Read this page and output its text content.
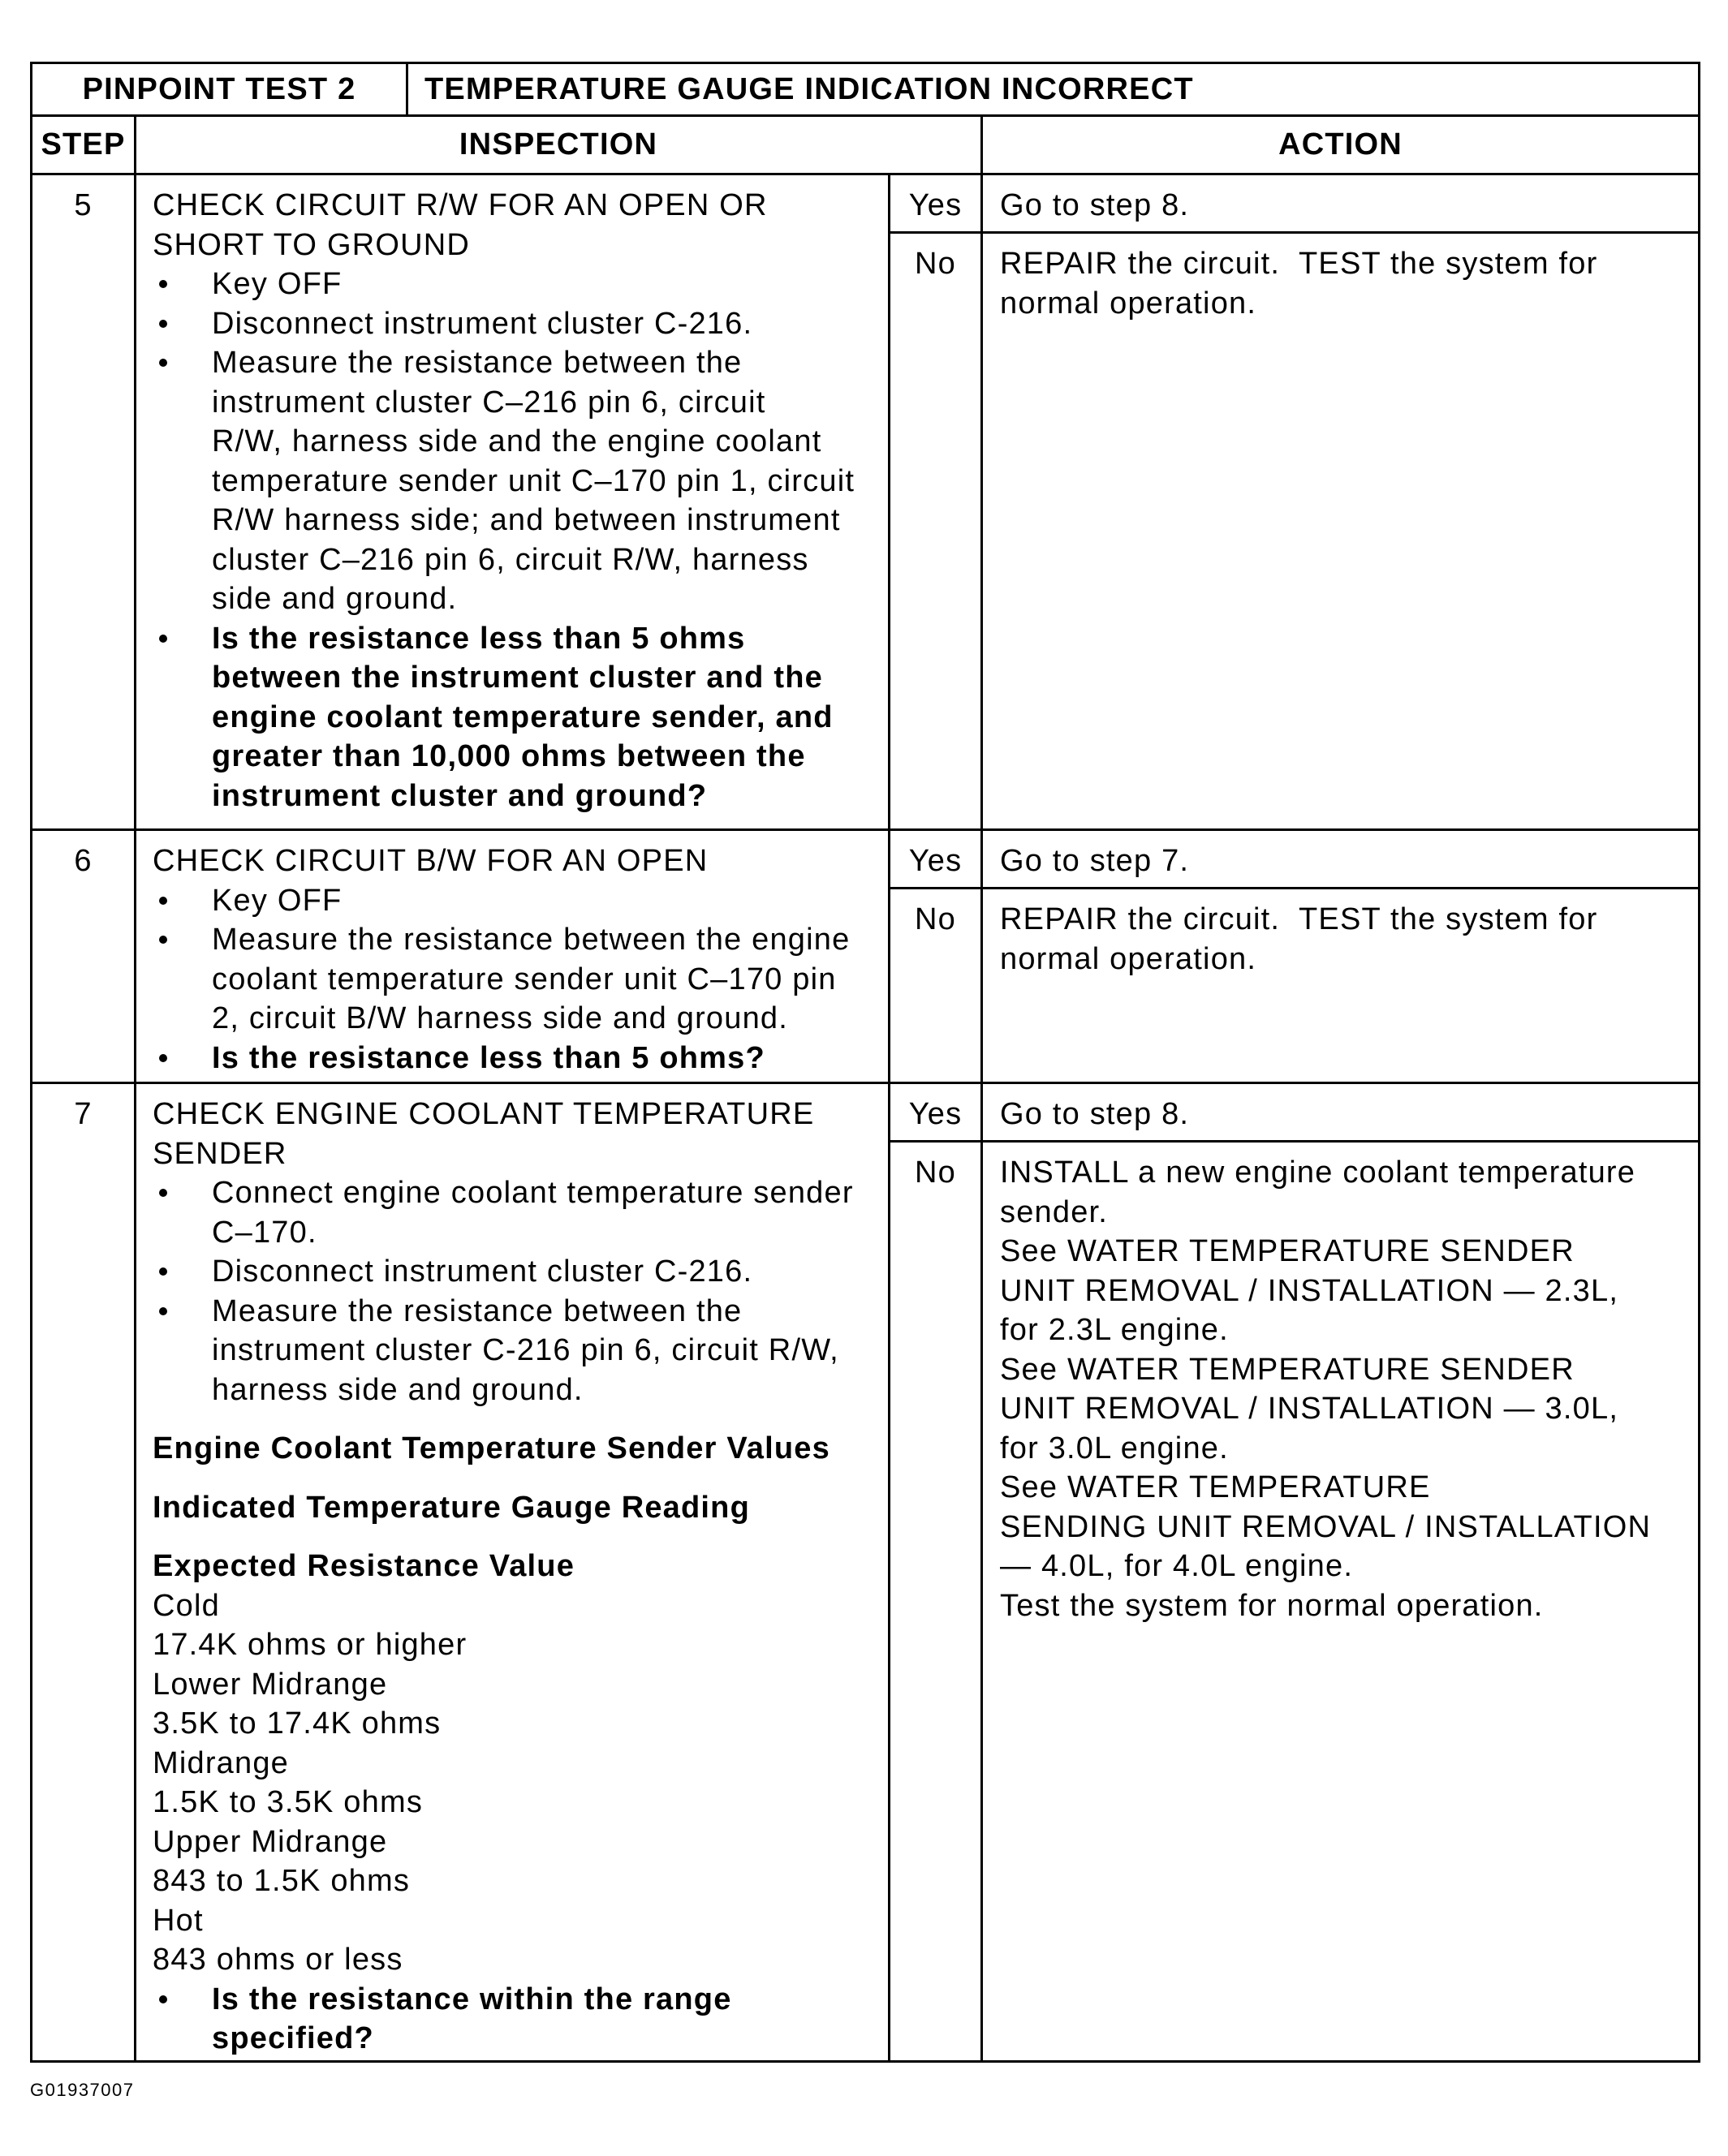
PINPOINT TEST 2	TEMPERATURE GAUGE INDICATION INCORRECT
STEP	INSPECTION	ACTION
5	CHECK CIRCUIT R/W FOR AN OPEN OR
SHORT TO GROUND
Key OFF
Disconnect instrument cluster C-216.
Measure the resistance between the
instrument cluster C–216 pin 6, circuit
R/W, harness side and the engine coolant
temperature sender unit C–170 pin 1, circuit
R/W harness side; and between instrument
cluster C–216 pin 6, circuit R/W, harness
side and ground.
Is the resistance less than 5 ohms
between the instrument cluster and the
engine coolant temperature sender, and
greater than 10,000 ohms between the
instrument cluster and ground?
Yes	Go to step 8.
No	REPAIR the circuit.  TEST the system for
normal operation.
6	CHECK CIRCUIT B/W FOR AN OPEN
Key OFF
Measure the resistance between the engine
coolant temperature sender unit C–170 pin
2, circuit B/W harness side and ground.
Is the resistance less than 5 ohms?
Yes	Go to step 7.
No	REPAIR the circuit.  TEST the system for
normal operation.
7	CHECK ENGINE COOLANT TEMPERATURE
SENDER
Connect engine coolant temperature sender
C–170.
Disconnect instrument cluster C-216.
Measure the resistance between the
instrument cluster C-216 pin 6, circuit R/W,
harness side and ground.
Engine Coolant Temperature Sender Values
Indicated Temperature Gauge Reading
Expected Resistance Value
Cold
17.4K ohms or higher
Lower Midrange
3.5K to 17.4K ohms
Midrange
1.5K to 3.5K ohms
Upper Midrange
843 to 1.5K ohms
Hot
843 ohms or less
Is the resistance within the range
specified?
Yes	Go to step 8.
No	INSTALL a new engine coolant temperature
sender.
See WATER TEMPERATURE SENDER
UNIT REMOVAL / INSTALLATION — 2.3L,
for 2.3L engine.
See WATER TEMPERATURE SENDER
UNIT REMOVAL / INSTALLATION — 3.0L,
for 3.0L engine.
See WATER TEMPERATURE
SENDING UNIT REMOVAL / INSTALLATION
— 4.0L, for 4.0L engine.
Test the system for normal operation.
G01937007
